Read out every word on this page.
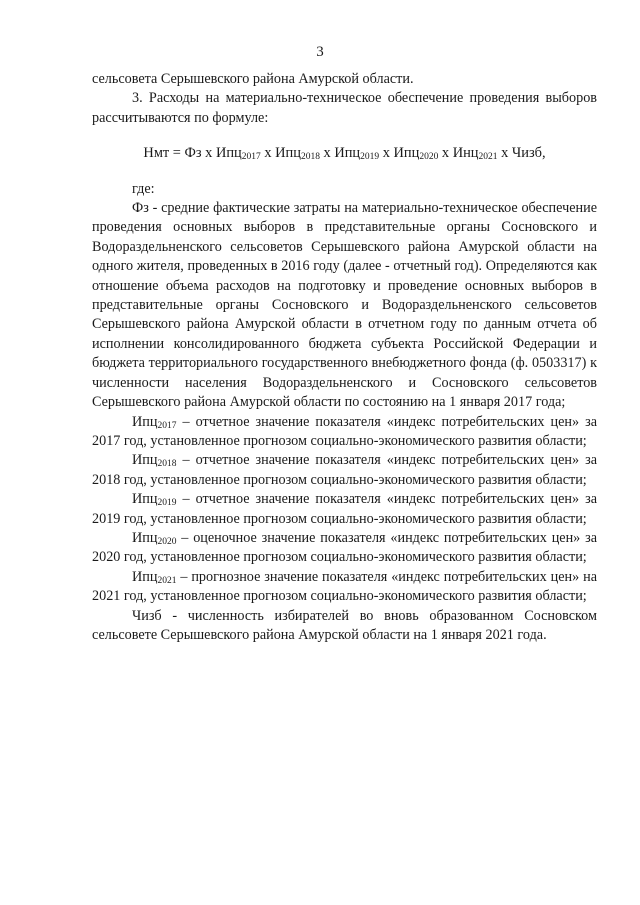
3

сельсовета Серышевского района Амурской области.

3. Расходы на материально-техническое обеспечение проведения выборов рассчитываются по формуле:

Нмт = Фз х Ипц$_{2017}$ х Ипц$_{2018}$ х Ипц$_{2019}$ х Ипц$_{2020}$ х Инц$_{2021}$ х Чизб,

где:

Фз - средние фактические затраты на материально-техническое обеспечение проведения основных выборов в представительные органы Сосновского и Водораздельненского сельсоветов Серышевского района Амурской области на одного жителя, проведенных в 2016 году (далее - отчетный год). Определяются как отношение объема расходов на подготовку и проведение основных выборов в представительные органы Сосновского и Водораздельненского сельсоветов Серышевского района Амурской области в отчетном году по данным отчета об исполнении консолидированного бюджета субъекта Российской Федерации и бюджета территориального государственного внебюджетного фонда (ф. 0503317) к численности населения Водораздельненского и Сосновского сельсоветов Серышевского района Амурской области по состоянию на 1 января 2017 года;

Ипц$_{2017}$ – отчетное значение показателя «индекс потребительских цен» за 2017 год, установленное прогнозом социально-экономического развития области;

Ипц$_{2018}$ – отчетное значение показателя «индекс потребительских цен» за 2018 год, установленное прогнозом социально-экономического развития области;

Ипц$_{2019}$ – отчетное значение показателя «индекс потребительских цен» за 2019 год, установленное прогнозом социально-экономического развития области;

Ипц$_{2020}$ – оценочное значение показателя «индекс потребительских цен» за 2020 год, установленное прогнозом социально-экономического развития области;

Ипц$_{2021}$ – прогнозное значение показателя «индекс потребительских цен» на 2021 год, установленное прогнозом социально-экономического развития области;

Чизб - численность избирателей во вновь образованном Сосновском сельсовете Серышевского района Амурской области на 1 января 2021 года.
